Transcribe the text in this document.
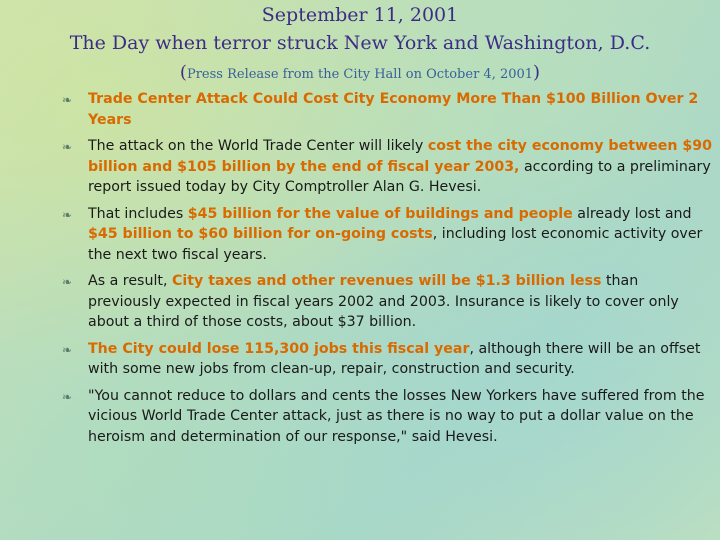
September 11, 2001
The Day when terror struck New York and Washington, D.C.
(Press Release from the City Hall on October 4, 2001)
❧ Trade Center Attack Could Cost City Economy More Than $100 Billion Over 2 Years
❧ The attack on the World Trade Center will likely cost the city economy between $90 billion and $105 billion by the end of fiscal year 2003, according to a preliminary report issued today by City Comptroller Alan G. Hevesi.
❧ That includes $45 billion for the value of buildings and people already lost and $45 billion to $60 billion for on-going costs, including lost economic activity over the next two fiscal years.
❧ As a result, City taxes and other revenues will be $1.3 billion less than previously expected in fiscal years 2002 and 2003. Insurance is likely to cover only about a third of those costs, about $37 billion.
❧ The City could lose 115,300 jobs this fiscal year, although there will be an offset with some new jobs from clean-up, repair, construction and security.
❧ "You cannot reduce to dollars and cents the losses New Yorkers have suffered from the vicious World Trade Center attack, just as there is no way to put a dollar value on the heroism and determination of our response," said Hevesi.
